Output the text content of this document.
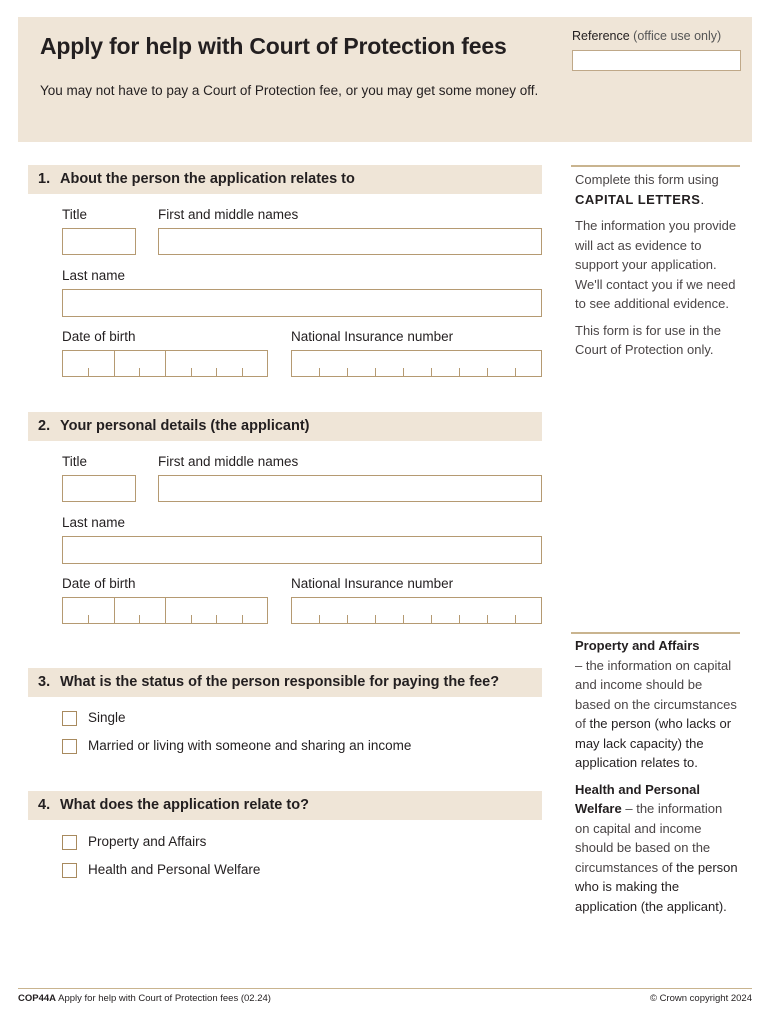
Apply for help with Court of Protection fees
You may not have to pay a Court of Protection fee, or you may get some money off.
Reference (office use only)
1. About the person the application relates to
Title	First and middle names
Last name
Date of birth	National Insurance number
2. Your personal details (the applicant)
Title	First and middle names
Last name
Date of birth	National Insurance number
3. What is the status of the person responsible for paying the fee?
Single
Married or living with someone and sharing an income
4. What does the application relate to?
Property and Affairs
Health and Personal Welfare

Complete this form using CAPITAL LETTERS.

The information you provide will act as evidence to support your application. We'll contact you if we need to see additional evidence.

This form is for use in the Court of Protection only.

Property and Affairs
– the information on capital and income should be based on the circumstances of the person (who lacks or may lack capacity) the application relates to.

Health and Personal Welfare – the information on capital and income should be based on the circumstances of the person who is making the application (the applicant).

COP44A Apply for help with Court of Protection fees (02.24)	© Crown copyright 2024
